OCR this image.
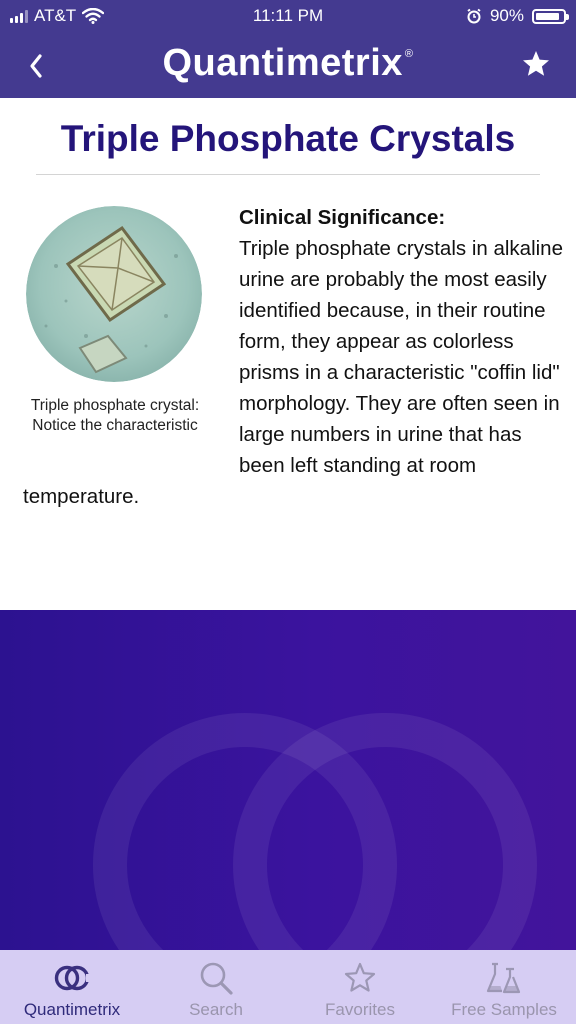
AT&T	11:11 PM	90%
Quantimetrix ®
Triple Phosphate Crystals
Clinical Significance:
Triple phosphate crystals in alkaline urine are probably the most easily identified because, in their routine form, they appear as colorless prisms in a characteristic "coffin lid" morphology. They are often seen in large numbers in urine that has been left standing at room temperature.
Triple phosphate crystal: Notice the characteristic
Quantimetrix	Search	Favorites	Free Samples
